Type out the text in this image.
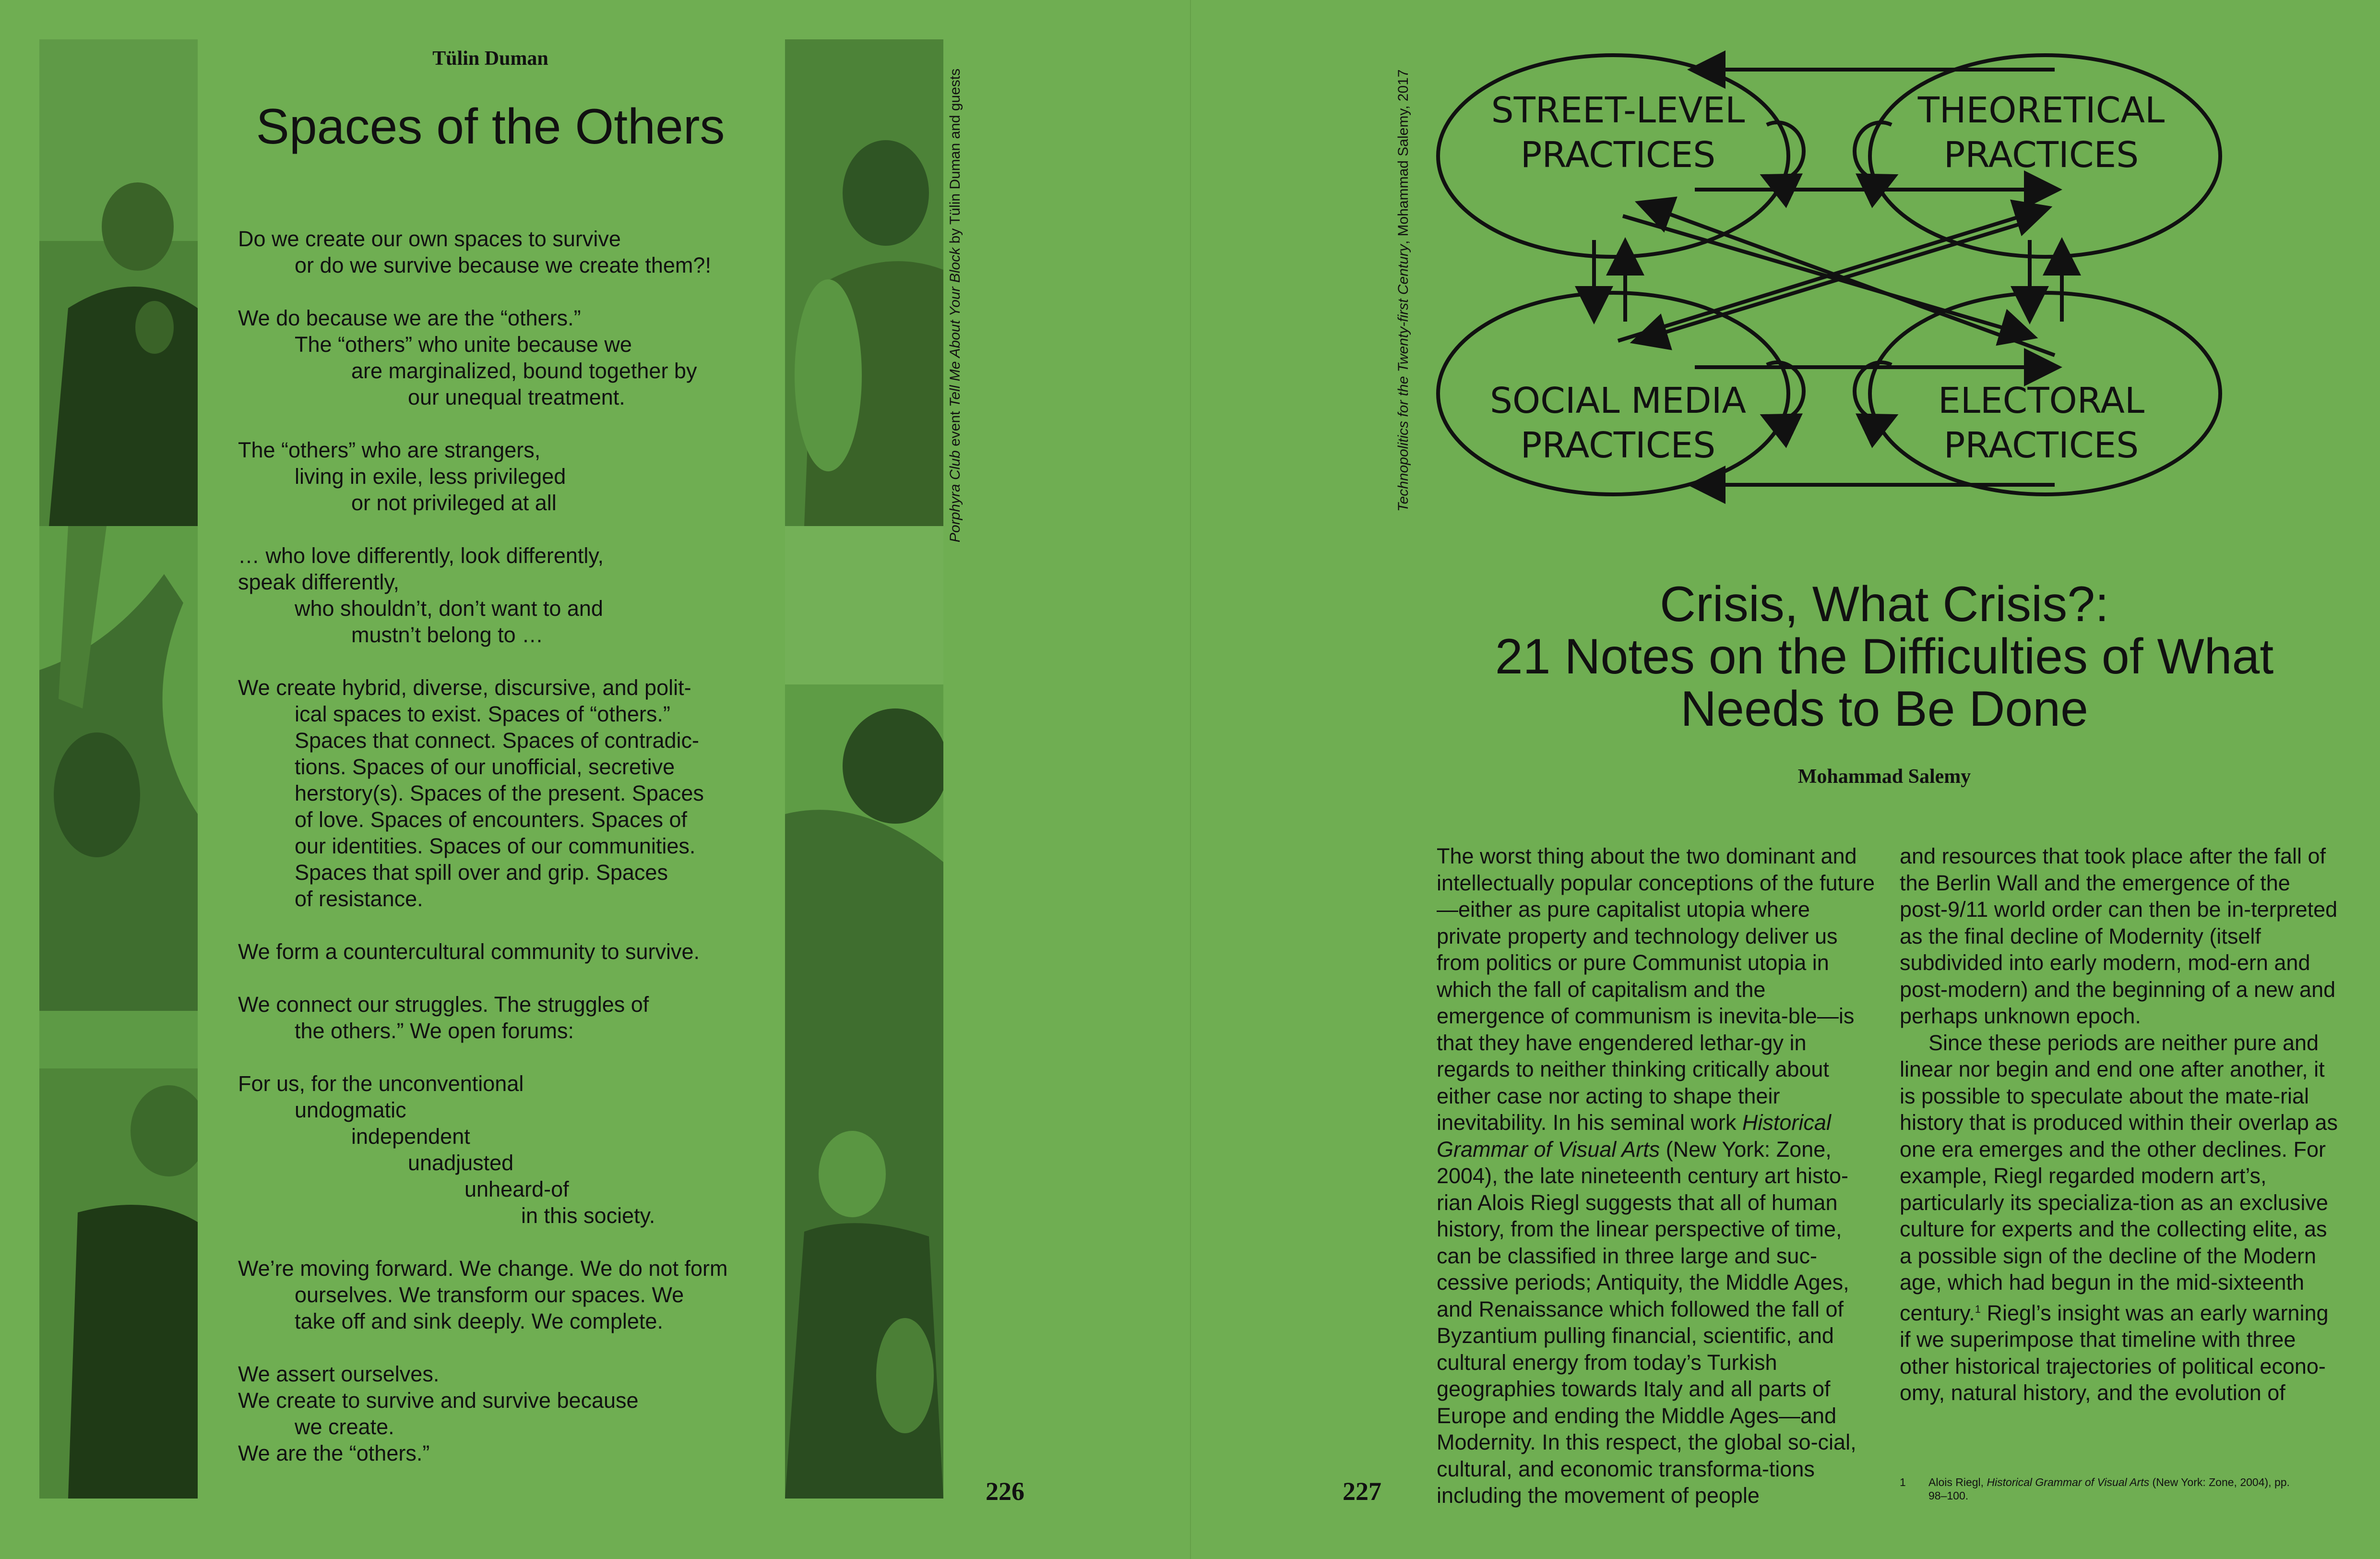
Tülin Duman
Spaces of the Others

Do we create our own spaces to survive

or do we survive because we create them?!

We do because we are the “others.”

The “others” who unite because we

are marginalized, bound together by

our unequal treatment.

The “others” who are strangers,

living in exile, less privileged

or not privileged at all

… who love differently, look differently,

speak differently,

who shouldn’t, don’t want to and

mustn’t belong to …

We create hybrid, diverse, discursive, and polit-

ical spaces to exist. Spaces of “others.”

Spaces that connect. Spaces of contradic-

tions. Spaces of our unofficial, secretive

herstory(s). Spaces of the present. Spaces

of love. Spaces of encounters. Spaces of

our identities. Spaces of our communities.

Spaces that spill over and grip. Spaces

of resistance.

We form a countercultural community to survive.

We connect our struggles. The struggles of

the others.” We open forums:

For us, for the unconventional

undogmatic

independent

unadjusted

unheard-of

in this society.

We’re moving forward. We change. We do not form

ourselves. We transform our spaces. We

take off and sink deeply. We complete.

We assert ourselves.

We create to survive and survive because

we create.

We are the “others.”

Porphyra Club event Tell Me About Your Block by Tülin Duman and guests
226
Technopolitics for the Twenty-first Century, Mohammad Salemy, 2017 STREET-LEVEL
PRACTICES
THEORETICAL
PRACTICES
SOCIAL MEDIA
PRACTICES
ELECTORAL
PRACTICES
Crisis, What Crisis?:
21 Notes on the Difficulties of What
Needs to Be Done
Mohammad Salemy
The worst thing about the two dominant and intellectually popular conceptions of the future—either as pure capitalist utopia where private property and technology deliver us from politics or pure Communist utopia in which the fall of capitalism and the emergence of communism is inevita-ble—is that they have engendered lethar-gy in regards to neither thinking critically about either case nor acting to shape their inevitability. In his seminal work Historical Grammar of Visual Arts (New York: Zone, 2004), the late nineteenth century art histo-rian Alois Riegl suggests that all of human history, from the linear perspective of time, can be classified in three large and suc-cessive periods; Antiquity, the Middle Ages, and Renaissance which followed the fall of Byzantium pulling financial, scientific, and cultural energy from today’s Turkish geographies towards Italy and all parts of Europe and ending the Middle Ages—and Modernity. In this respect, the global so-cial, cultural, and economic transforma-tions including the movement of people
and resources that took place after the fall of the Berlin Wall and the emergence of the post-9/11 world order can then be in-terpreted as the final decline of Modernity (itself subdivided into early modern, mod-ern and post-modern) and the beginning of a new and perhaps unknown epoch.
Since these periods are neither pure and linear nor begin and end one after another, it is possible to speculate about the mate-rial history that is produced within their overlap as one era emerges and the other declines. For example, Riegl regarded modern art’s, particularly its specializa-tion as an exclusive culture for experts and the collecting elite, as a possible sign of the decline of the Modern age, which had begun in the mid-sixteenth century.$^1$ Riegl’s insight was an early warning if we superimpose that timeline with three other historical trajectories of political econo-omy, natural history, and the evolution of
1	Alois Riegl, Historical Grammar of Visual Arts (New York: Zone, 2004), pp. 98–100.
227
